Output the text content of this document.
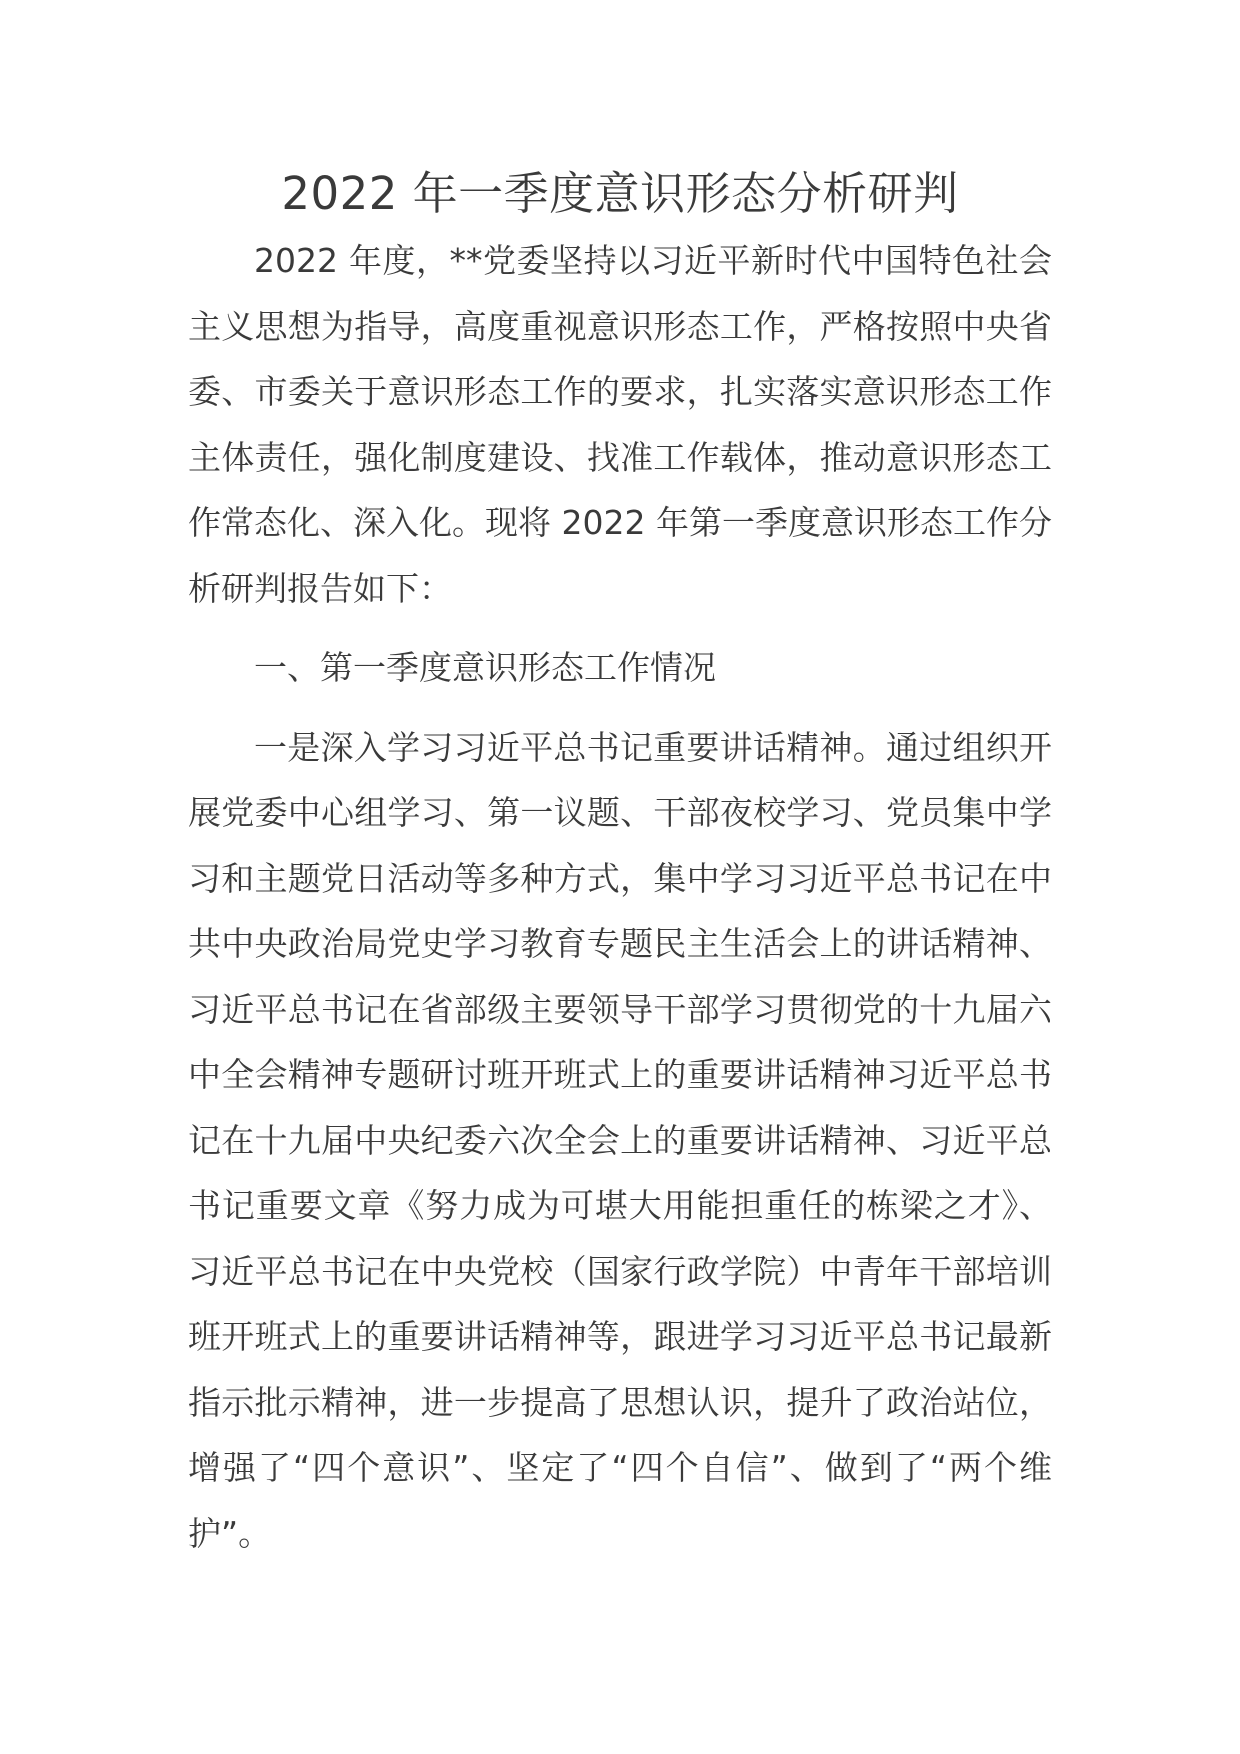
2022 年一季度意识形态分析研判

2022 年度，**党委坚持以习近平新时代中国特色社会主义思想为指导，高度重视意识形态工作，严格按照中央省委、市委关于意识形态工作的要求，扎实落实意识形态工作主体责任，强化制度建设、找准工作载体，推动意识形态工作常态化、深入化。现将 2022 年第一季度意识形态工作分析研判报告如下：

一、第一季度意识形态工作情况

一是深入学习习近平总书记重要讲话精神。通过组织开展党委中心组学习、第一议题、干部夜校学习、党员集中学习和主题党日活动等多种方式，集中学习习近平总书记在中共中央政治局党史学习教育专题民主生活会上的讲话精神、习近平总书记在省部级主要领导干部学习贯彻党的十九届六中全会精神专题研讨班开班式上的重要讲话精神习近平总书记在十九届中央纪委六次全会上的重要讲话精神、习近平总书记重要文章《努力成为可堪大用能担重任的栋梁之才》、习近平总书记在中央党校（国家行政学院）中青年干部培训班开班式上的重要讲话精神等，跟进学习习近平总书记最新指示批示精神，进一步提高了思想认识，提升了政治站位，增强了“四个意识”、坚定了“四个自信”、做到了“两个维护”。
